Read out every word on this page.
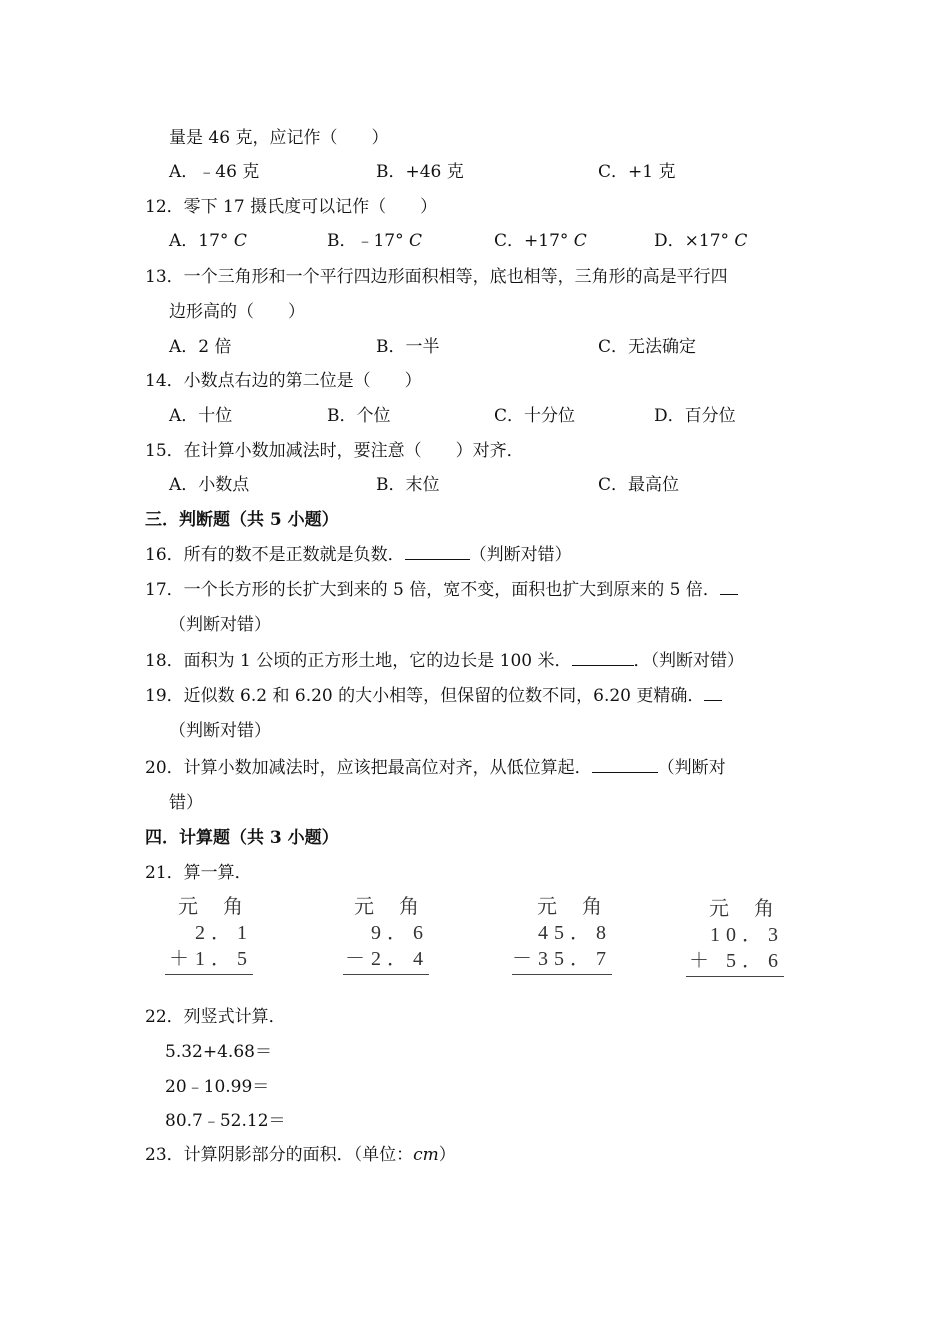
量是 46 克，应记作（　　）
A．﹣46 克	B．+46 克	C．+1 克
12．零下 17 摄氏度可以记作（　　）
A．17° C	B．﹣17° C	C．+17° C	D．×17° C
13．一个三角形和一个平行四边形面积相等，底也相等，三角形的高是平行四
边形高的（　　）
A．2 倍	B．一半	C．无法确定
14．小数点右边的第二位是（　　）
A．十位	B．个位	C．十分位	D．百分位
15．在计算小数加减法时，要注意（　　）对齐．
A．小数点	B．末位	C．最高位
三．判断题（共 5 小题）
16．所有的数不是正数就是负数．	（判断对错）
17．一个长方形的长扩大到来的 5 倍，宽不变，面积也扩大到原来的 5 倍．
（判断对错）
18．面积为 1 公顷的正方形土地，它的边长是 100 米．	．（判断对错）
19．近似数 6.2 和 6.20 的大小相等，但保留的位数不同，6.20 更精确．
（判断对错）
20．计算小数加减法时，应该把最高位对齐，从低位算起．	（判断对
错）
四．计算题（共 3 小题）
21．算一算．
元 角
2．1
＋1．5
元 角
9．6
－2．4
元 角
45．8
－35．7
元 角
10．3
＋ 5．6
22．列竖式计算．
5.32+4.68＝
20﹣10.99＝
80.7﹣52.12＝
23．计算阴影部分的面积．（单位：cm）
